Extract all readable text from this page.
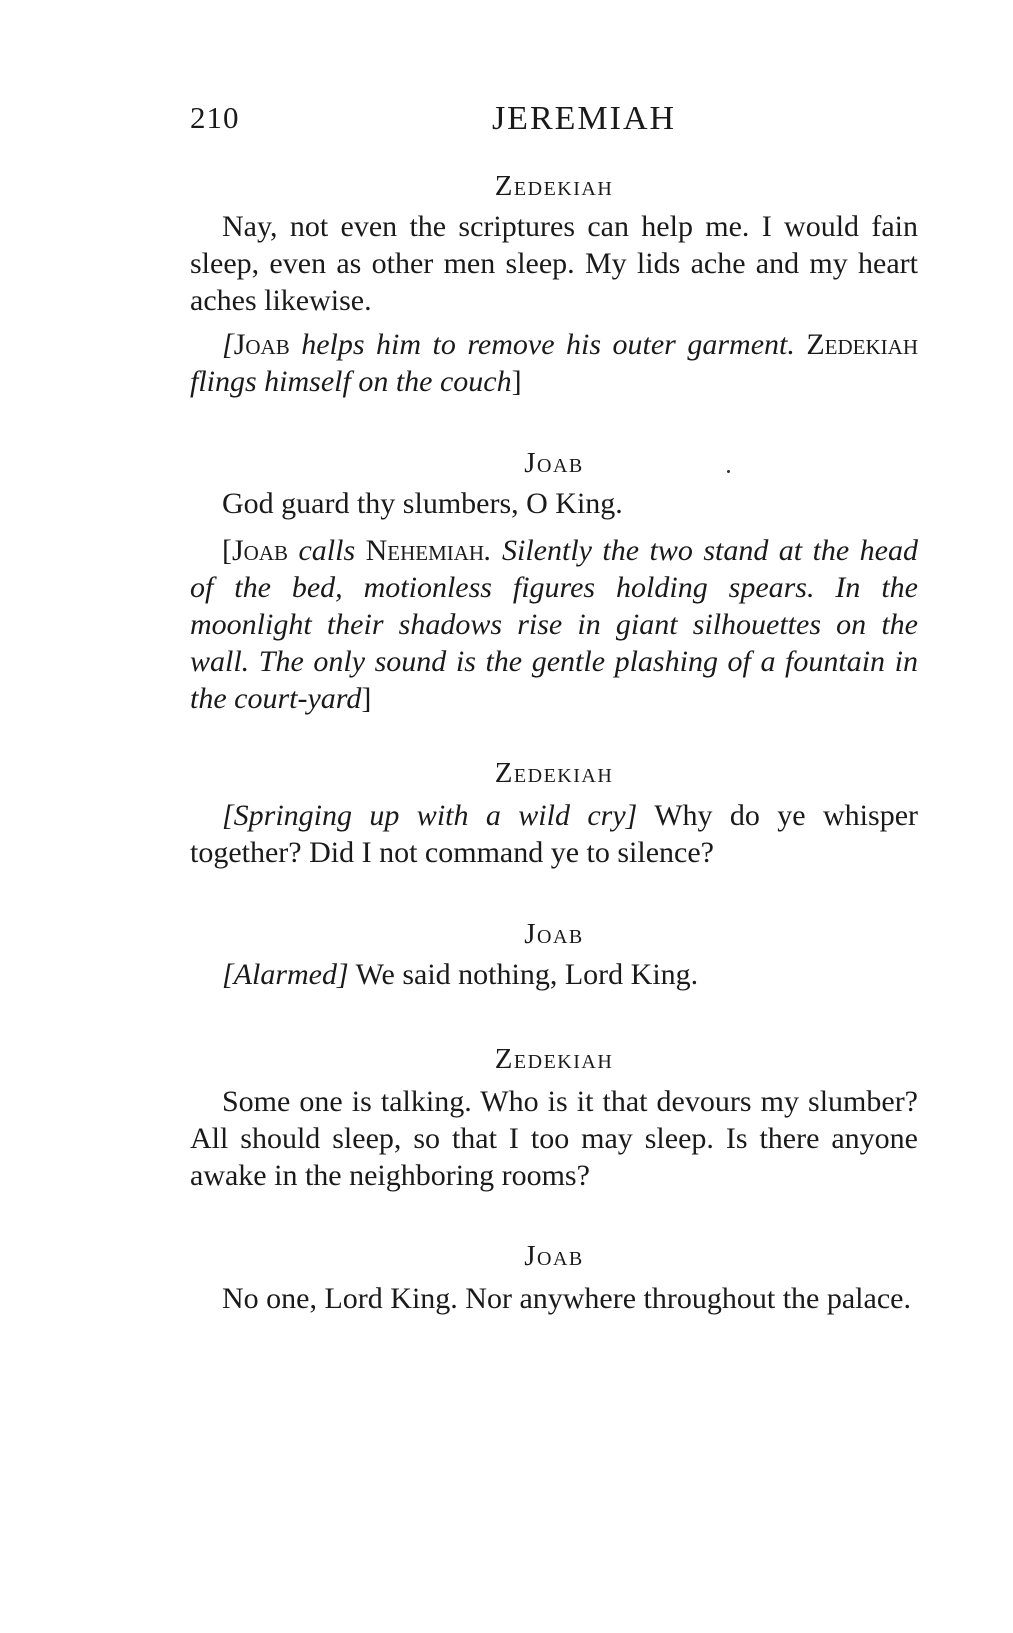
210	JEREMIAH
Zedekiah

Nay, not even the scriptures can help me. I would fain sleep, even as other men sleep. My lids ache and my heart aches likewise.

[Joab helps him to remove his outer garment. Zedekiah flings himself on the couch]

Joab

God guard thy slumbers, O King.

[Joab calls Nehemiah. Silently the two stand at the head of the bed, motionless figures holding spears. In the moonlight their shadows rise in giant silhouettes on the wall. The only sound is the gentle plashing of a fountain in the court-yard]

Zedekiah

[Springing up with a wild cry] Why do ye whisper together? Did I not command ye to silence?

Joab

[Alarmed] We said nothing, Lord King.

Zedekiah

Some one is talking. Who is it that devours my slumber? All should sleep, so that I too may sleep. Is there anyone awake in the neighboring rooms?

Joab

No one, Lord King. Nor anywhere throughout the palace.
